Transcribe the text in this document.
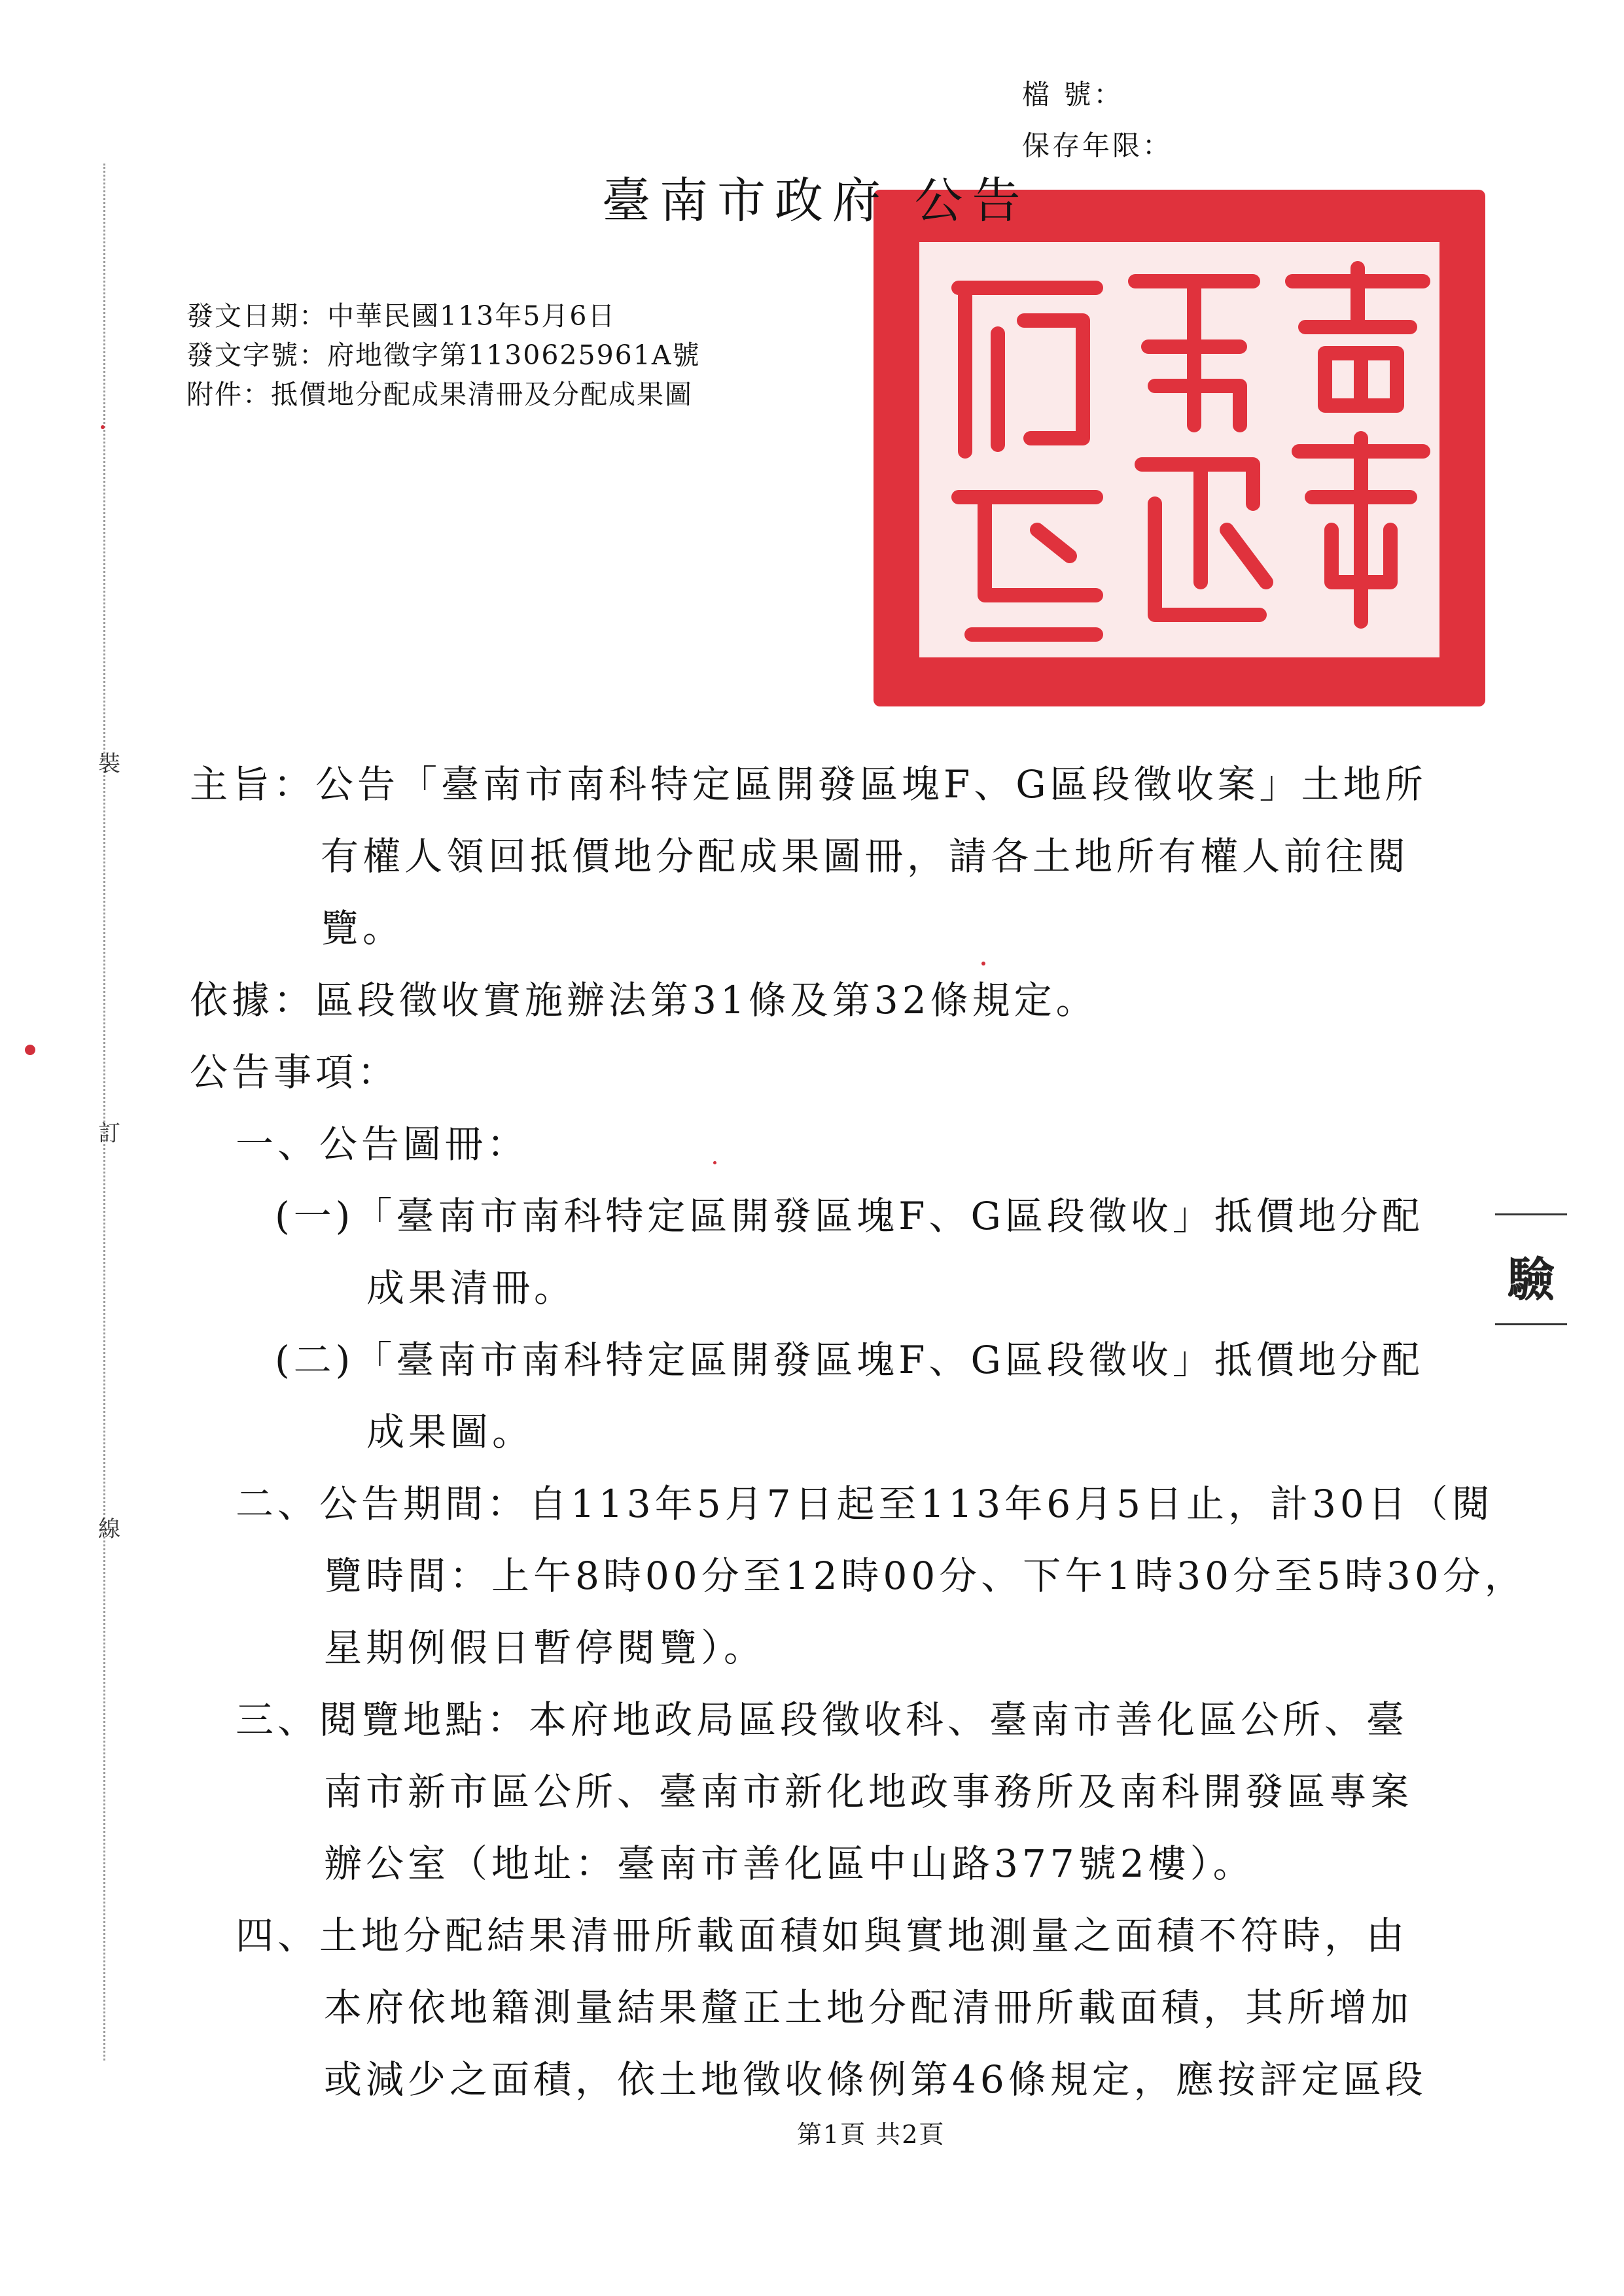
檔 號：
保存年限：
裝
訂
線
臺南市政府 公告
發文日期：中華民國113年5月6日
發文字號：府地徵字第1130625961A號
附件：抵價地分配成果清冊及分配成果圖
主旨：公告「臺南市南科特定區開發區塊F、G區段徵收案」土地所
有權人領回抵價地分配成果圖冊，請各土地所有權人前往閱
覽。
依據：區段徵收實施辦法第31條及第32條規定。
公告事項：
一、公告圖冊：
(一)「臺南市南科特定區開發區塊F、G區段徵收」抵價地分配
成果清冊。
(二)「臺南市南科特定區開發區塊F、G區段徵收」抵價地分配
成果圖。
二、公告期間：自113年5月7日起至113年6月5日止，計30日（閱
覽時間：上午8時00分至12時00分、下午1時30分至5時30分，
星期例假日暫停閱覽）。
三、閱覽地點：本府地政局區段徵收科、臺南市善化區公所、臺
南市新市區公所、臺南市新化地政事務所及南科開發區專案
辦公室（地址：臺南市善化區中山路377號2樓）。
四、土地分配結果清冊所載面積如與實地測量之面積不符時，由
本府依地籍測量結果釐正土地分配清冊所載面積，其所增加
或減少之面積，依土地徵收條例第46條規定，應按評定區段
驗
第1頁 共2頁
